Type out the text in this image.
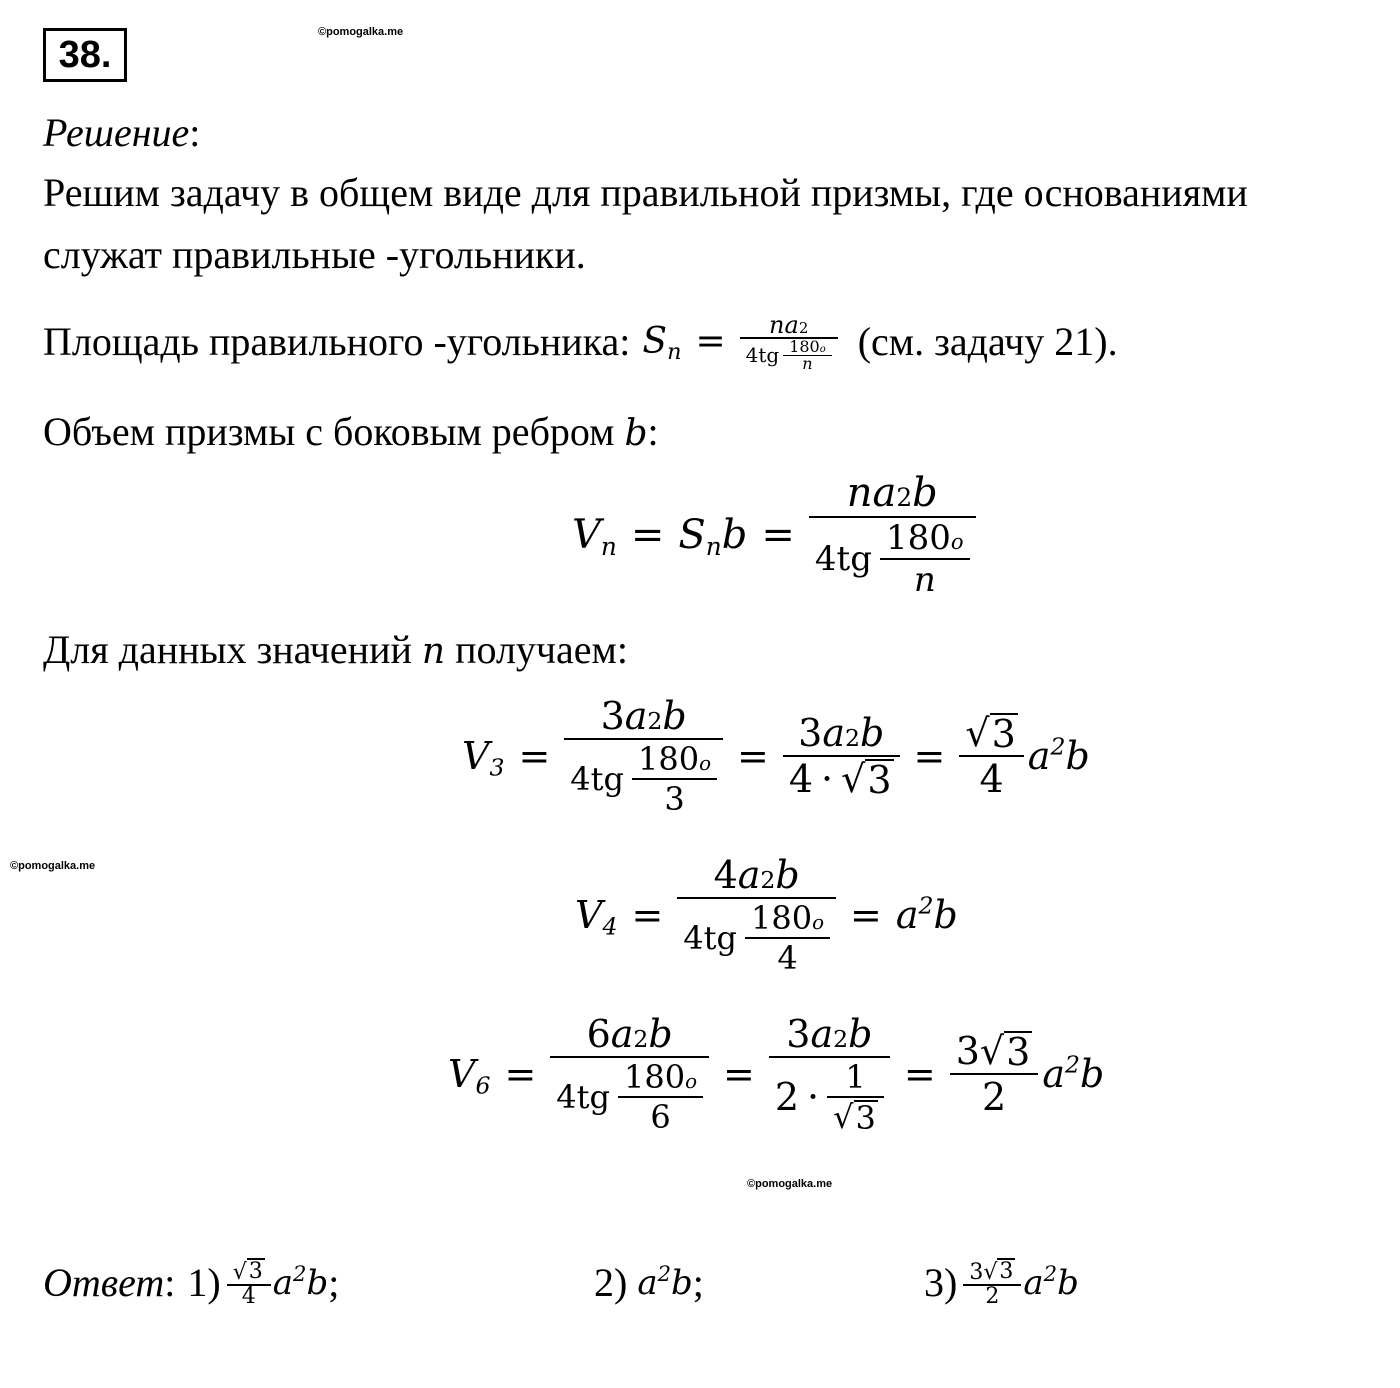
38.
©pomogalka.me
Решение:
Решим задачу в общем виде для правильной призмы, где основаниями
служат правильные -угольники.
Площадь правильного -угольника: $S_n = \frac{\text{n a 2}}{4tg \frac{180 o}{n}} (см$. задачу 21).
Объем призмы с боковым ребром b:
$V_n = S_nb = \frac{\text{n a 2 b}}{4tg \frac{180 o}{n}}$
Для данных значений n получаем:
$V_3 = \frac{3 a 2 b}{4tg \frac{180 o}{3}} = \frac{3 a 2 b}{4 \cdot √ 3} = \frac{√ 3}{4} a^2b$
©pomogalka.me
$V_4 = \frac{4 a 2 b}{4tg \frac{180 o}{4}} = a^2b$
$V_6 = \frac{6 a 2 b}{4tg \frac{180 o}{6}} = \frac{3 a 2 b}{2 \cdot \frac{1}{√ 3}} = \frac{3 √ 3}{2} a^2b$
©pomogalka.me
Ответ: $1) \frac{√ 3}{4} a^2b$ ;	2) $a^2b$ ;	$3) \frac{3 √ 3}{2} a^2b$
